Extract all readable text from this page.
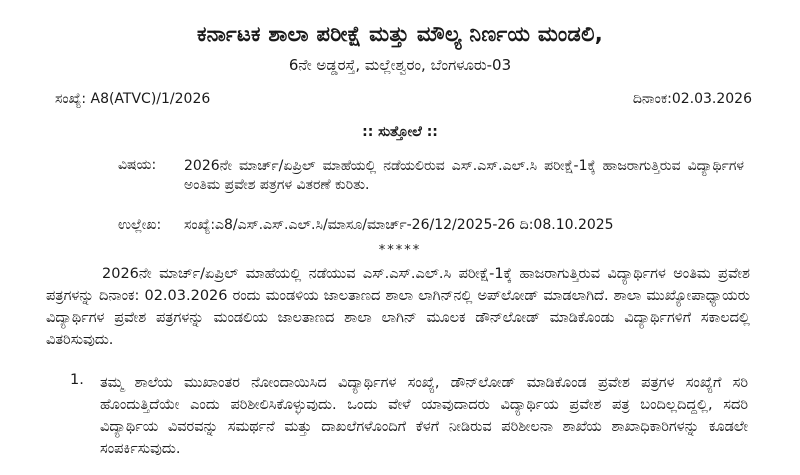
ಕರ್ನಾಟಕ ಶಾಲಾ ಪರೀಕ್ಷೆ ಮತ್ತು ಮೌಲ್ಯ ನಿರ್ಣಯ ಮಂಡಲಿ,
6ನೇ ಅಡ್ಡರಸ್ತೆ, ಮಲ್ಲೇಶ್ವರಂ, ಬೆಂಗಳೂರು-03
ಸಂಖ್ಯೆ: A8(ATVC)/1/2026	ದಿನಾಂಕ:02.03.2026
:: ಸುತ್ತೋಲೆ ::
ವಿಷಯ: 2026ನೇ ಮಾರ್ಚ್/ಏಪ್ರಿಲ್ ಮಾಹೆಯಲ್ಲಿ ನಡೆಯಲಿರುವ ಎಸ್.ಎಸ್.ಎಲ್.ಸಿ ಪರೀಕ್ಷೆ-1ಕ್ಕೆ ಹಾಜರಾಗುತ್ತಿರುವ ವಿದ್ಯಾರ್ಥಿಗಳ ಅಂತಿಮ ಪ್ರವೇಶ ಪತ್ರಗಳ ವಿತರಣೆ ಕುರಿತು.
ಉಲ್ಲೇಖ: ಸಂಖ್ಯೆ:ಎ8/ಎಸ್.ಎಸ್.ಎಲ್.ಸಿ/ಮಾಸೂ/ಮಾರ್ಚ್-26/12/2025-26 ದಿ:08.10.2025
*****
2026ನೇ ಮಾರ್ಚ್/ಏಪ್ರಿಲ್ ಮಾಹೆಯಲ್ಲಿ ನಡೆಯುವ ಎಸ್.ಎಸ್.ಎಲ್.ಸಿ ಪರೀಕ್ಷೆ-1ಕ್ಕೆ ಹಾಜರಾಗುತ್ತಿರುವ ವಿದ್ಯಾರ್ಥಿಗಳ ಅಂತಿಮ ಪ್ರವೇಶ ಪತ್ರಗಳನ್ನು ದಿನಾಂಕ: 02.03.2026 ರಂದು ಮಂಡಳಿಯ ಜಾಲತಾಣದ ಶಾಲಾ ಲಾಗಿನ್‌ನಲ್ಲಿ ಅಪ್‌ಲೋಡ್ ಮಾಡಲಾಗಿದೆ. ಶಾಲಾ ಮುಖ್ಯೋಪಾಧ್ಯಾಯರು ವಿದ್ಯಾರ್ಥಿಗಳ ಪ್ರವೇಶ ಪತ್ರಗಳನ್ನು ಮಂಡಲಿಯ ಜಾಲತಾಣದ ಶಾಲಾ ಲಾಗಿನ್ ಮೂಲಕ ಡೌನ್‌ಲೋಡ್ ಮಾಡಿಕೊಂಡು ವಿದ್ಯಾರ್ಥಿಗಳಿಗೆ ಸಕಾಲದಲ್ಲಿ ವಿತರಿಸುವುದು.
1. ತಮ್ಮ ಶಾಲೆಯ ಮುಖಾಂತರ ನೋಂದಾಯಿಸಿದ ವಿದ್ಯಾರ್ಥಿಗಳ ಸಂಖ್ಯೆ, ಡೌನ್‌ಲೋಡ್ ಮಾಡಿಕೊಂಡ ಪ್ರವೇಶ ಪತ್ರಗಳ ಸಂಖ್ಯೆಗೆ ಸರಿ ಹೊಂದುತ್ತಿದೆಯೇ ಎಂದು ಪರಿಶೀಲಿಸಿಕೊಳ್ಳುವುದು. ಒಂದು ವೇಳೆ ಯಾವುದಾದರು ವಿದ್ಯಾರ್ಥಿಯ ಪ್ರವೇಶ ಪತ್ರ ಬಂದಿಲ್ಲದಿದ್ದಲ್ಲಿ, ಸದರಿ ವಿದ್ಯಾರ್ಥಿಯ ವಿವರವನ್ನು ಸಮರ್ಥನೆ ಮತ್ತು ದಾಖಲೆಗಳೊಂದಿಗೆ ಕೆಳಗೆ ನೀಡಿರುವ ಪರಿಶೀಲನಾ ಶಾಖೆಯ ಶಾಖಾಧಿಕಾರಿಗಳನ್ನು ಕೂಡಲೇ ಸಂಪರ್ಕಿಸುವುದು.
